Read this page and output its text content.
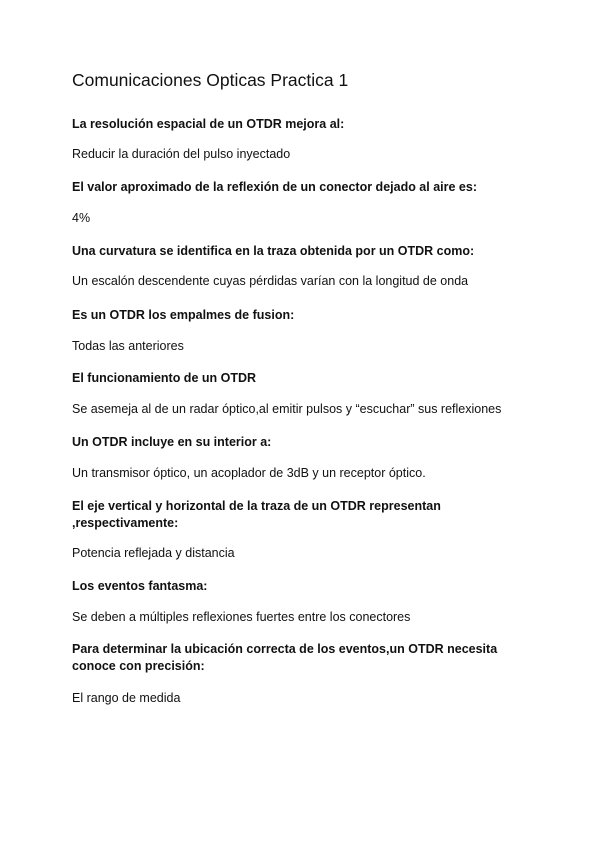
Comunicaciones Opticas Practica 1

La resolución espacial de un OTDR mejora al:

Reducir la duración del pulso inyectado

El valor aproximado de la reflexión de un conector dejado al aire es:

4%

Una curvatura se identifica en la traza obtenida por un OTDR como:

Un escalón descendente cuyas pérdidas varían con la longitud de onda

Es un OTDR los empalmes de fusion:

Todas las anteriores

El funcionamiento de un OTDR

Se asemeja al de un radar óptico,al emitir pulsos y “escuchar” sus reflexiones

Un OTDR incluye en su interior a:

Un transmisor óptico, un acoplador de 3dB y un receptor óptico.

El eje vertical y horizontal de la traza de un OTDR representan ,respectivamente:

Potencia reflejada y distancia

Los eventos fantasma:

Se deben a múltiples reflexiones fuertes entre los conectores

Para determinar la ubicación correcta de los eventos,un OTDR necesita conoce con precisión:

El rango de medida
